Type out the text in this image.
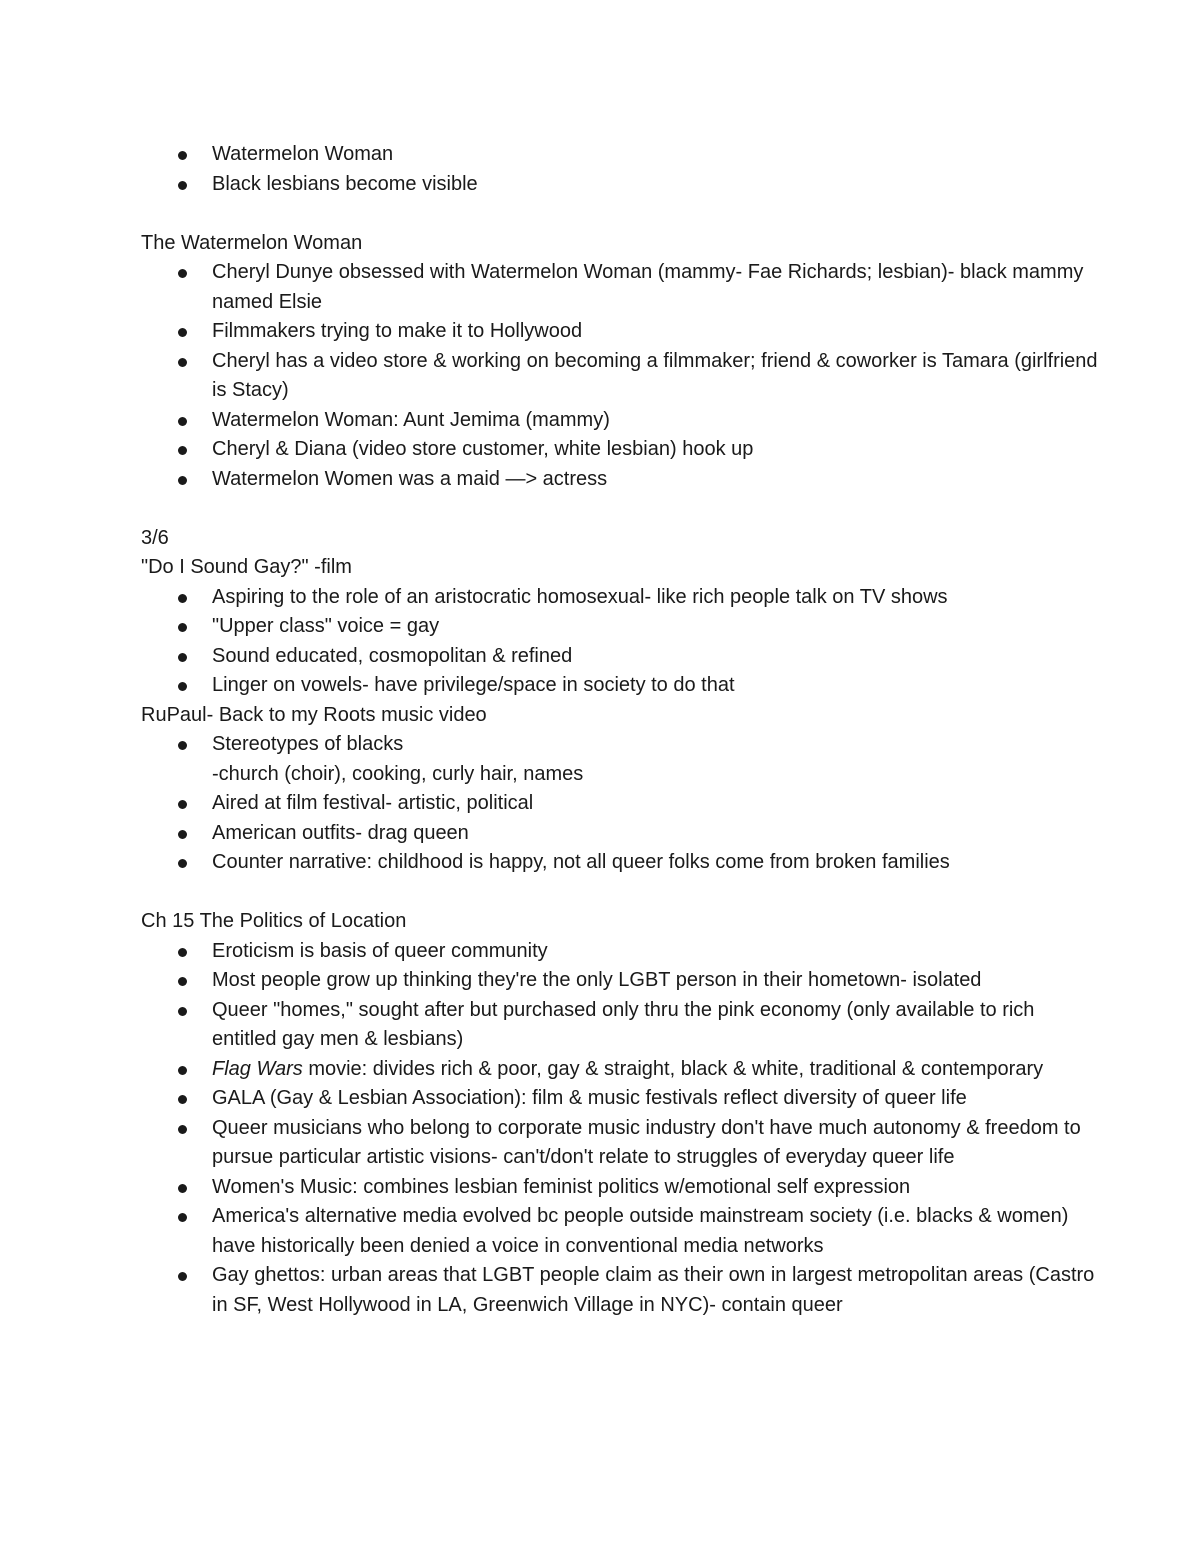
Watermelon Woman
Black lesbians become visible
The Watermelon Woman
Cheryl Dunye obsessed with Watermelon Woman (mammy- Fae Richards; lesbian)- black mammy named Elsie
Filmmakers trying to make it to Hollywood
Cheryl has a video store & working on becoming a filmmaker; friend & coworker is Tamara (girlfriend is Stacy)
Watermelon Woman: Aunt Jemima (mammy)
Cheryl & Diana (video store customer, white lesbian) hook up
Watermelon Women was a maid —> actress
3/6
"Do I Sound Gay?" -film
Aspiring to the role of an aristocratic homosexual- like rich people talk on TV shows
"Upper class" voice = gay
Sound educated, cosmopolitan & refined
Linger on vowels- have privilege/space in society to do that
RuPaul- Back to my Roots music video
Stereotypes of blacks
-church (choir), cooking, curly hair, names
Aired at film festival- artistic, political
American outfits- drag queen
Counter narrative: childhood is happy, not all queer folks come from broken families
Ch 15 The Politics of Location
Eroticism is basis of queer community
Most people grow up thinking they're the only LGBT person in their hometown- isolated
Queer "homes," sought after but purchased only thru the pink economy (only available to rich entitled gay men & lesbians)
Flag Wars movie: divides rich & poor, gay & straight, black & white, traditional & contemporary
GALA (Gay & Lesbian Association): film & music festivals reflect diversity of queer life
Queer musicians who belong to corporate music industry don't have much autonomy & freedom to pursue particular artistic visions- can't/don't relate to struggles of everyday queer life
Women's Music: combines lesbian feminist politics w/emotional self expression
America's alternative media evolved bc people outside mainstream society (i.e. blacks & women) have historically been denied a voice in conventional media networks
Gay ghettos: urban areas that LGBT people claim as their own in largest metropolitan areas (Castro in SF, West Hollywood in LA, Greenwich Village in NYC)- contain queer
